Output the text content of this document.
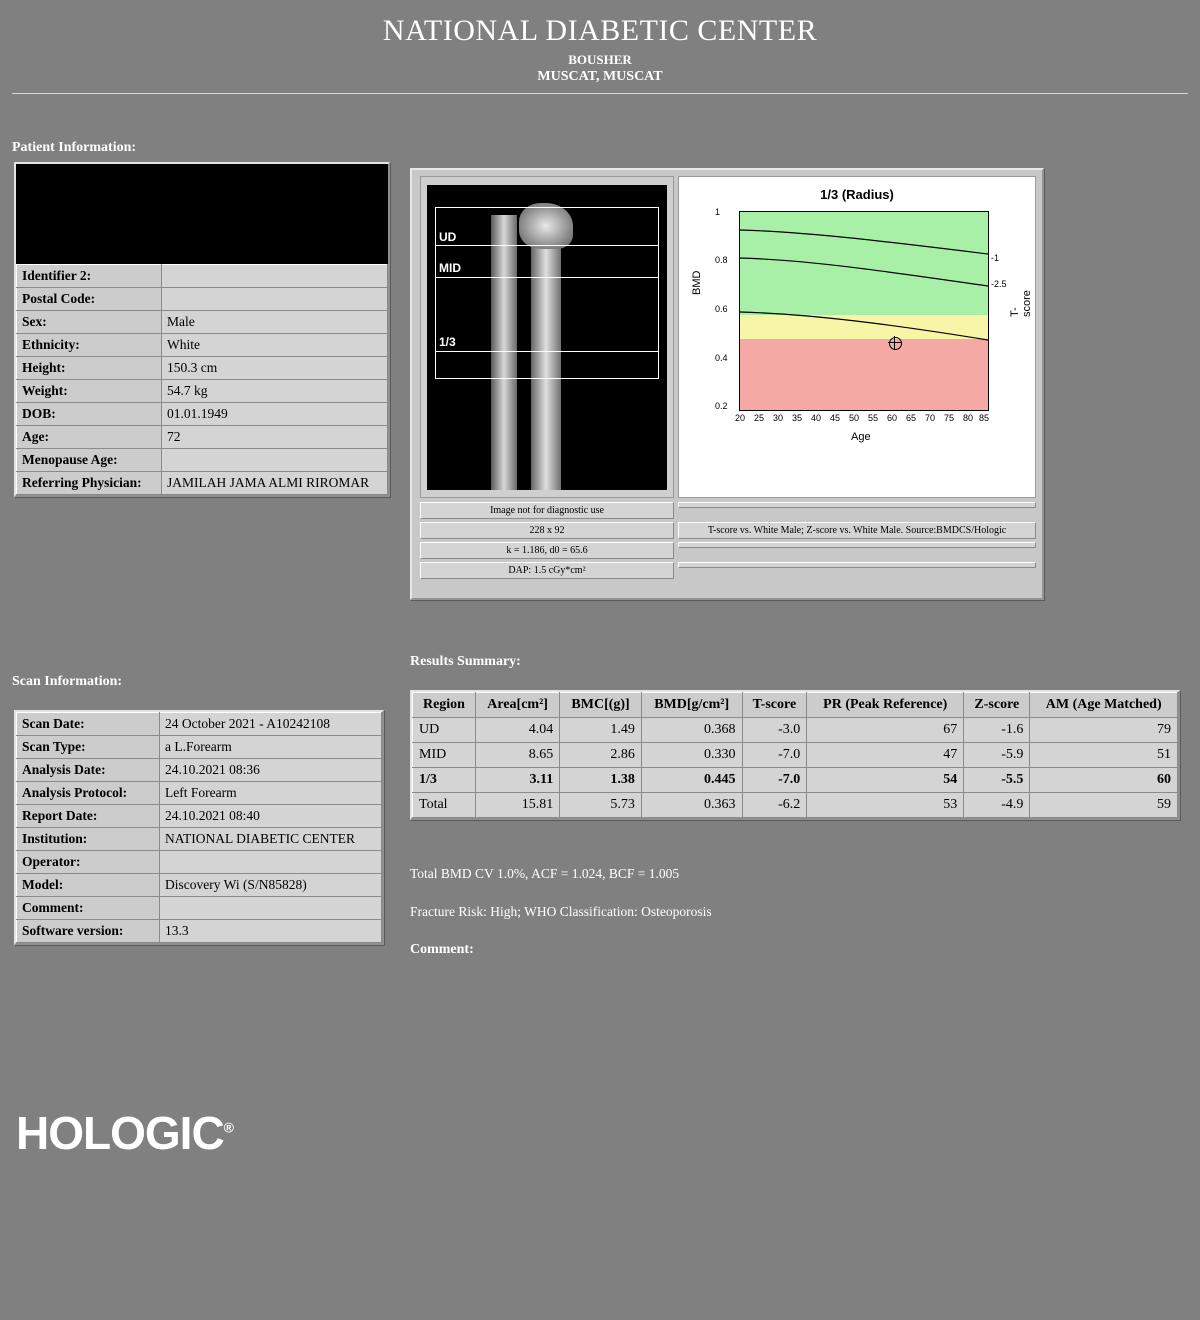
NATIONAL DIABETIC CENTER
BOUSHER
MUSCAT, MUSCAT
Patient Information:
Identifier 2:	
Postal Code:	
Sex:	Male
Ethnicity:	White
Height:	150.3 cm
Weight:	54.7 kg
DOB:	01.01.1949
Age:	72
Menopause Age:	
Referring Physician:	JAMILAH JAMA ALMI RIROMAR
UD
MID
1/3
1/3 (Radius)
1
0.8
0.6
0.4
0.2
-1
-2.5
20 25 30 35 40 45 50 55 60 65 70 75 80 85
BMD
T-score
Age
Image not for diagnostic use
228 x 92
k = 1.186, d0 = 65.6
DAP: 1.5 cGy*cm²
T-score vs. White Male; Z-score vs. White Male. Source:BMDCS/Hologic
Scan Information:
Scan Date:	24 October 2021 - A10242108
Scan Type:	a L.Forearm
Analysis Date:	24.10.2021 08:36
Analysis Protocol:	Left Forearm
Report Date:	24.10.2021 08:40
Institution:	NATIONAL DIABETIC CENTER
Operator:	
Model:	Discovery Wi (S/N85828)
Comment:	
Software version:	13.3
Results Summary:
Region	Area[cm²]	BMC[(g)]	BMD[g/cm²]	T-score	PR (Peak Reference)	Z-score	AM (Age Matched)
UD	4.04	1.49	0.368	-3.0	67	-1.6	79
MID	8.65	2.86	0.330	-7.0	47	-5.9	51
1/3	3.11	1.38	0.445	-7.0	54	-5.5	60
Total	15.81	5.73	0.363	-6.2	53	-4.9	59
Total BMD CV 1.0%, ACF = 1.024, BCF = 1.005
Fracture Risk: High; WHO Classification: Osteoporosis
Comment:
HOLOGIC®
